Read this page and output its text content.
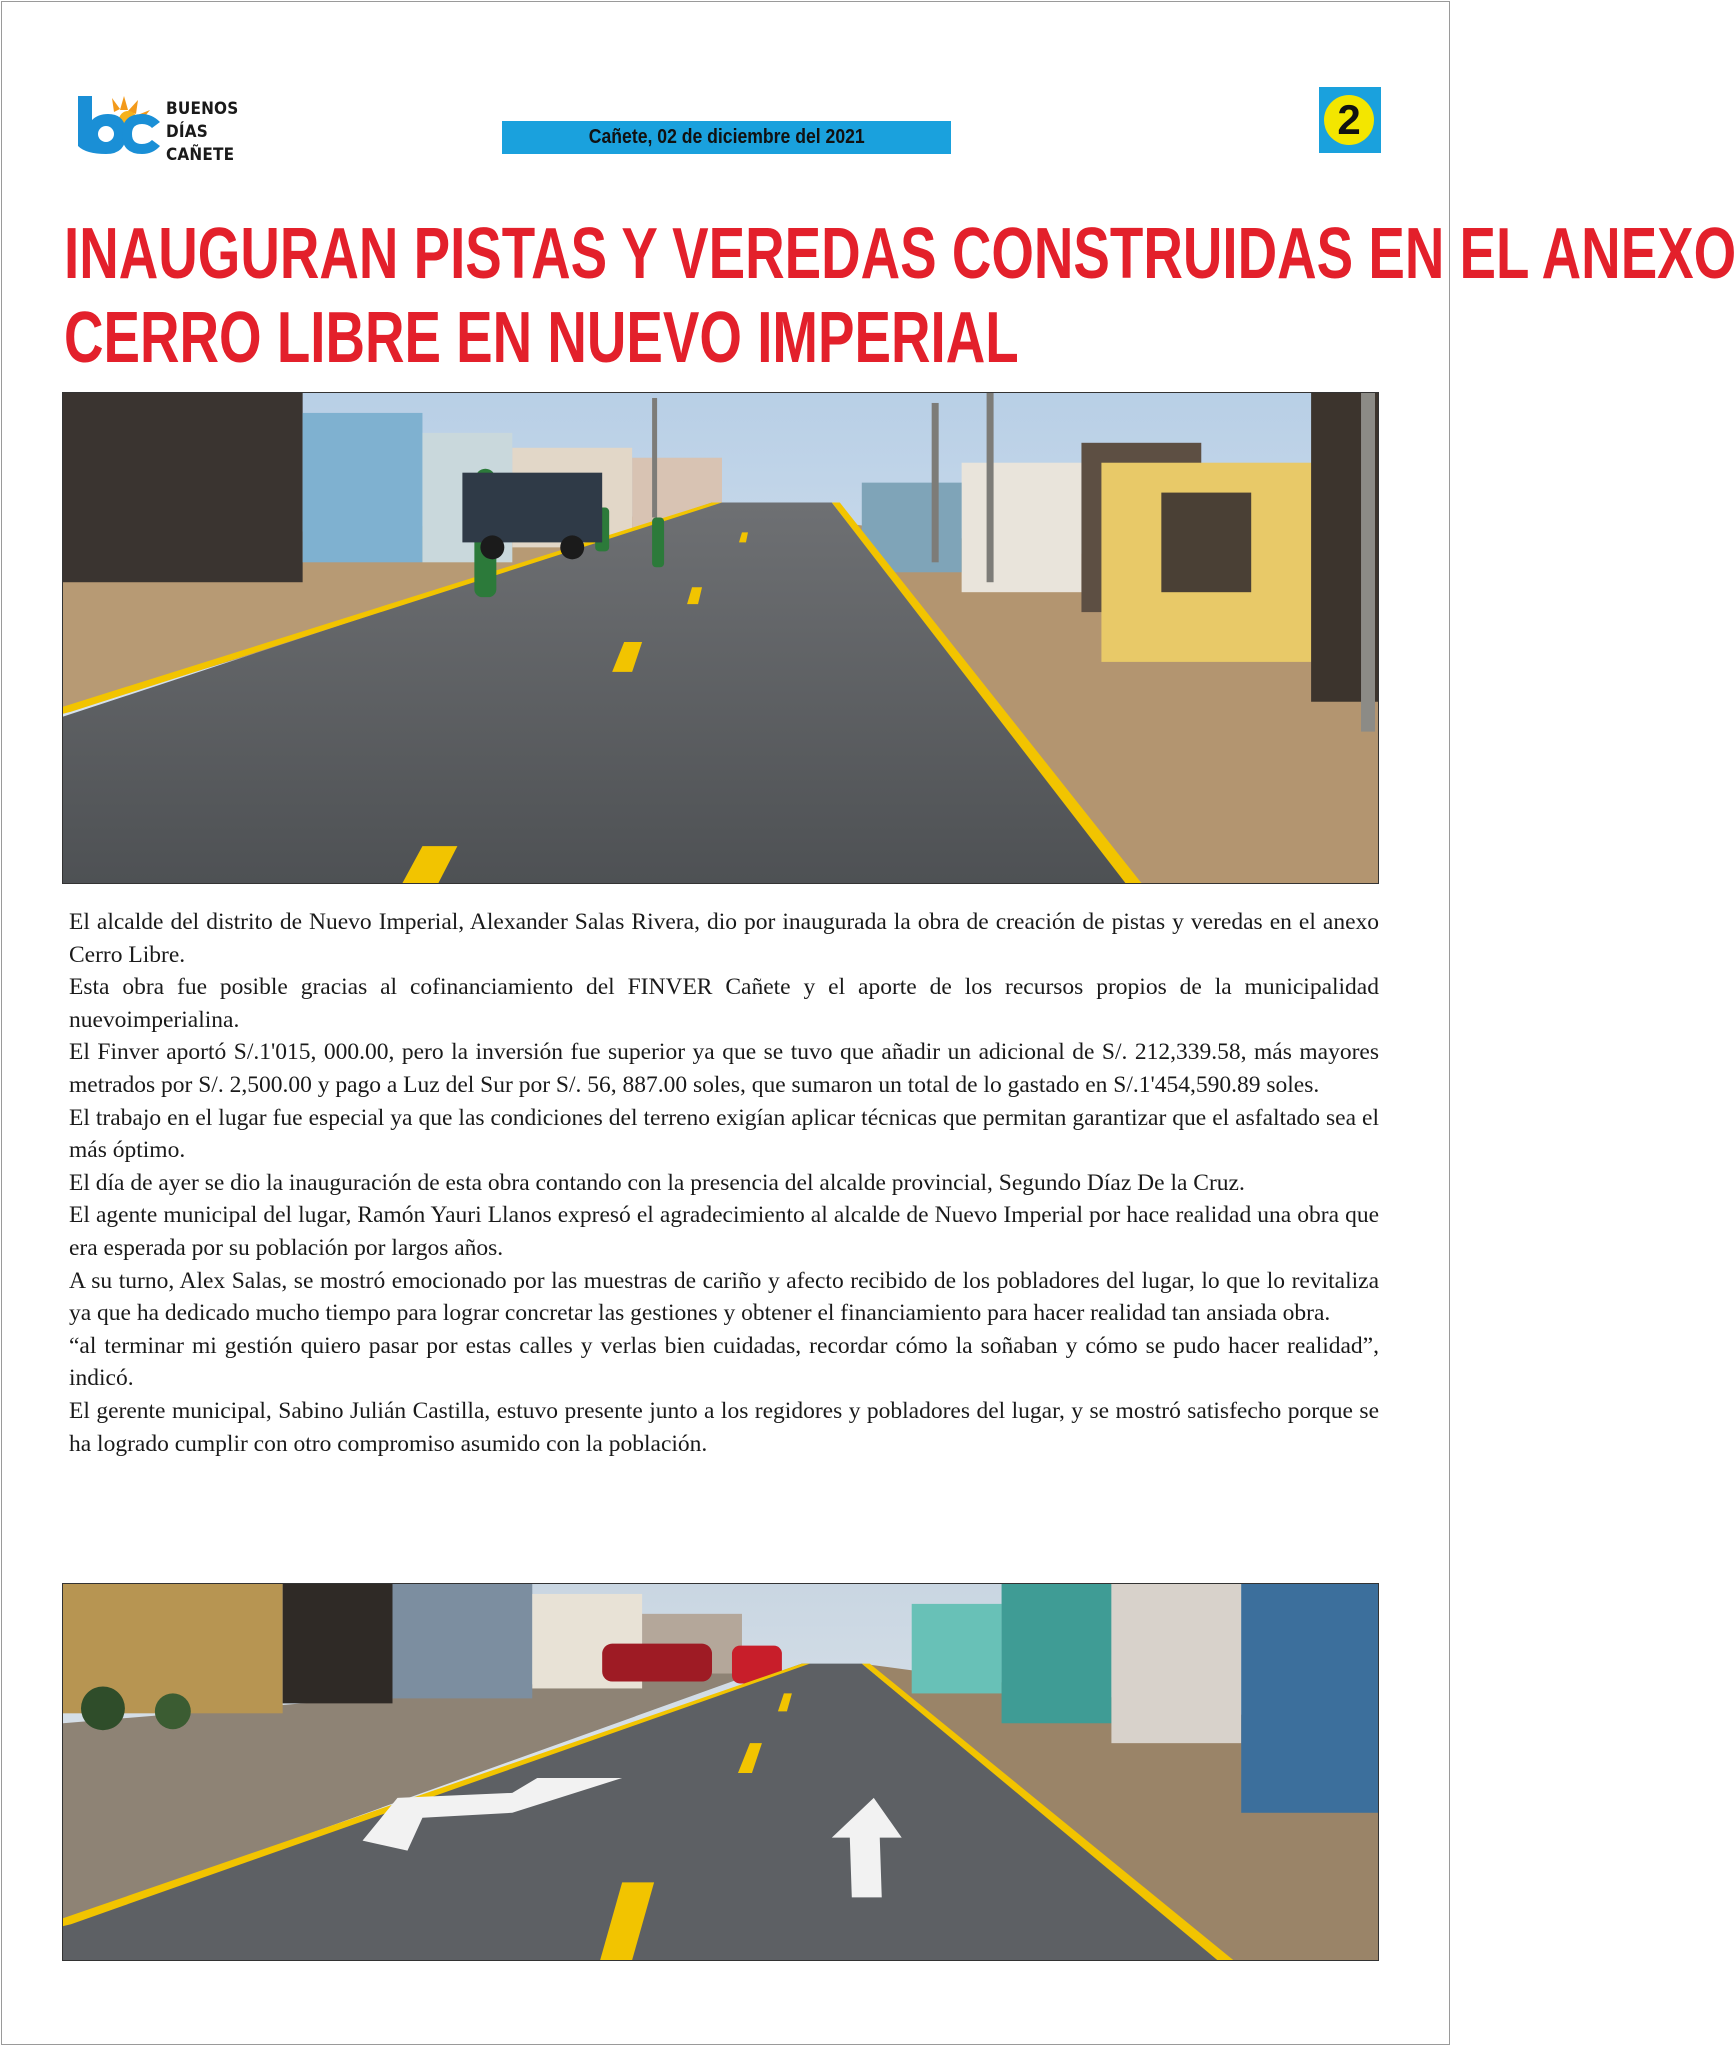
BUENOS
DÍAS CAÑETE
Cañete, 02 de diciembre del 2021	2
INAUGURAN PISTAS Y VEREDAS CONSTRUIDAS EN EL ANEXO
CERRO LIBRE EN NUEVO IMPERIAL

El alcalde del distrito de Nuevo Imperial, Alexander Salas Rivera, dio por inaugurada la obra de creación de pistas y veredas en el anexo Cerro Libre.

Esta obra fue posible gracias al cofinanciamiento del FINVER Cañete y el aporte de los recursos propios de la municipalidad nuevoimperialina.

El Finver aportó S/.1'015, 000.00, pero la inversión fue superior ya que se tuvo que añadir un adicional de S/. 212,339.58, más mayores metrados por S/. 2,500.00 y pago a Luz del Sur por S/. 56, 887.00 soles, que sumaron un total de lo gastado en S/.1'454,590.89 soles.

El trabajo en el lugar fue especial ya que las condiciones del terreno exigían aplicar técnicas que permitan garantizar que el asfaltado sea el más óptimo.

El día de ayer se dio la inauguración de esta obra contando con la presencia del alcalde provincial, Segundo Díaz De la Cruz.

El agente municipal del lugar, Ramón Yauri Llanos expresó el agradecimiento al alcalde de Nuevo Imperial por hace realidad una obra que era esperada por su población por largos años.

A su turno, Alex Salas, se mostró emocionado por las muestras de cariño y afecto recibido de los pobladores del lugar, lo que lo revitaliza ya que ha dedicado mucho tiempo para lograr concretar las gestiones y obtener el financiamiento para hacer realidad tan ansiada obra.

“al terminar mi gestión quiero pasar por estas calles y verlas bien cuidadas, recordar cómo la soñaban y cómo se pudo hacer realidad”, indicó.

El gerente municipal, Sabino Julián Castilla, estuvo presente junto a los regidores y pobladores del lugar, y se mostró satisfecho porque se ha logrado cumplir con otro compromiso asumido con la población.
